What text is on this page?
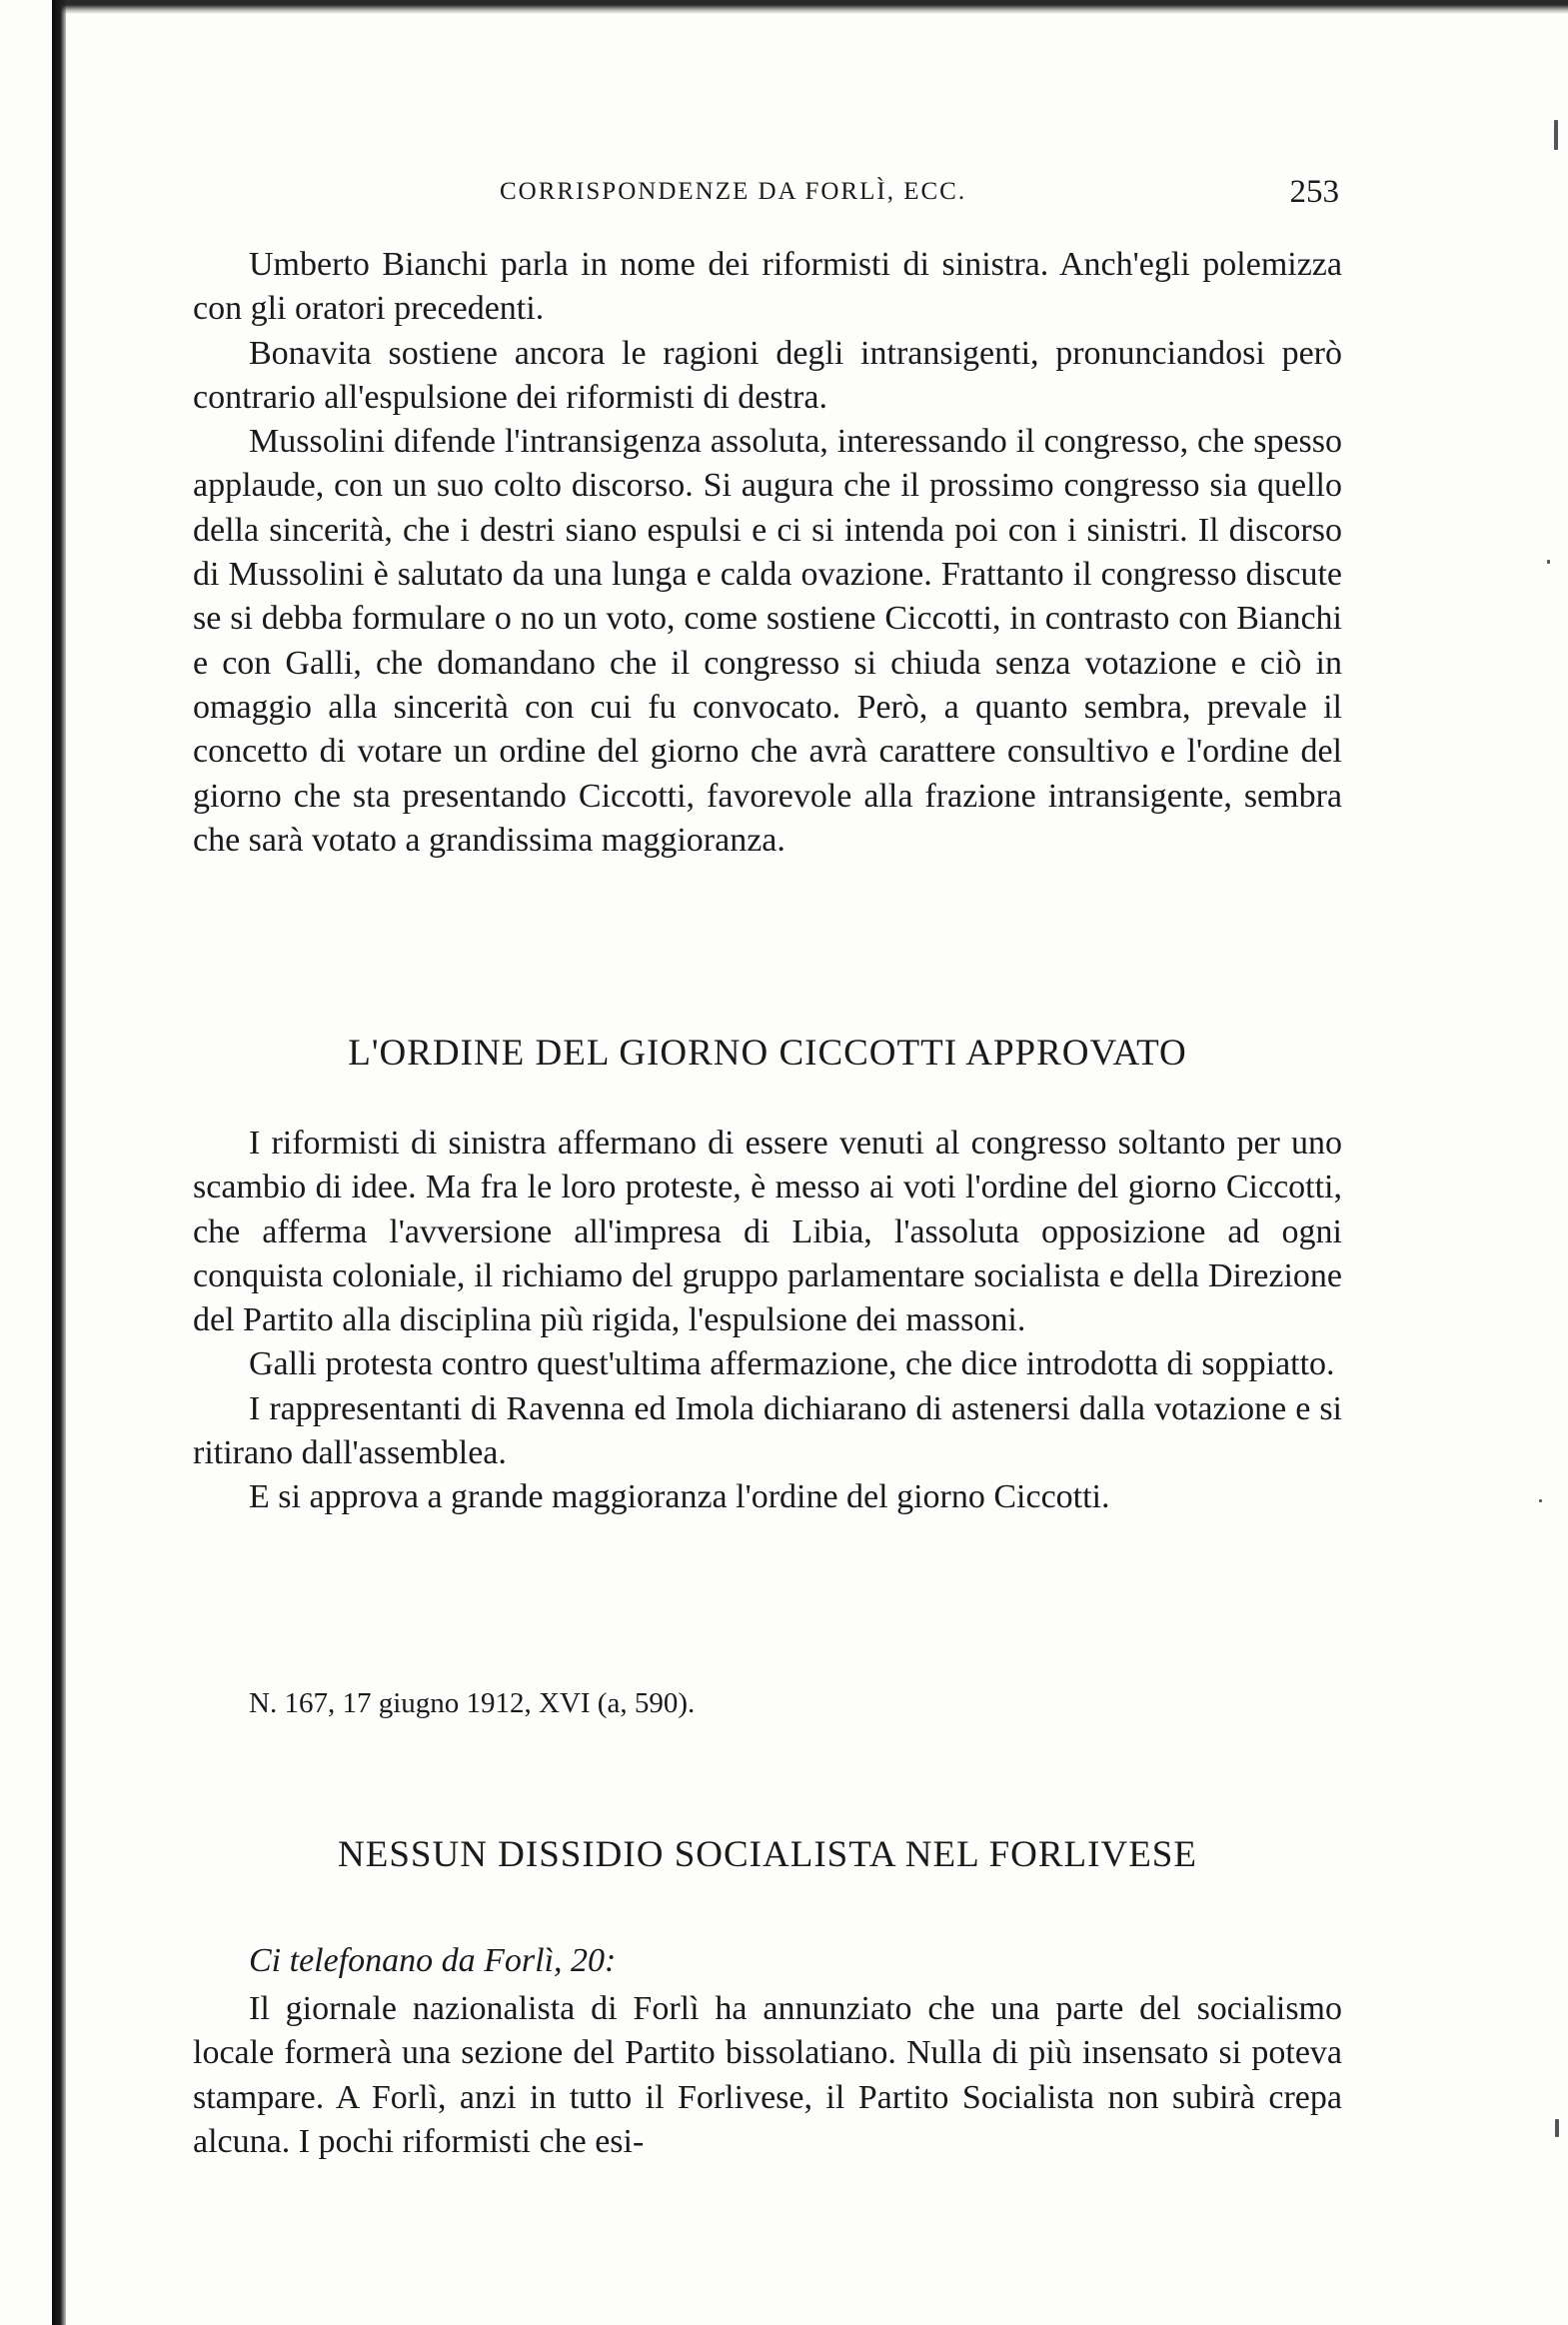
CORRISPONDENZE DA FORLÌ, ECC.	253

Umberto Bianchi parla in nome dei riformisti di sinistra. Anch'egli polemizza con gli oratori precedenti.

Bonavita sostiene ancora le ragioni degli intransigenti, pronunciandosi però contrario all'espulsione dei riformisti di destra.

Mussolini difende l'intransigenza assoluta, interessando il congresso, che spesso applaude, con un suo colto discorso. Si augura che il prossimo congresso sia quello della sincerità, che i destri siano espulsi e ci si intenda poi con i sinistri. Il discorso di Mussolini è salutato da una lunga e calda ovazione. Frattanto il congresso discute se si debba formulare o no un voto, come sostiene Ciccotti, in contrasto con Bianchi e con Galli, che domandano che il congresso si chiuda senza votazione e ciò in omaggio alla sincerità con cui fu convocato. Però, a quanto sembra, prevale il concetto di votare un ordine del giorno che avrà carattere consultivo e l'ordine del giorno che sta presentando Ciccotti, favorevole alla frazione intransigente, sembra che sarà votato a grandissima maggioranza.

L'ORDINE DEL GIORNO CICCOTTI APPROVATO

I riformisti di sinistra affermano di essere venuti al congresso soltanto per uno scambio di idee. Ma fra le loro proteste, è messo ai voti l'ordine del giorno Ciccotti, che afferma l'avversione all'impresa di Libia, l'assoluta opposizione ad ogni conquista coloniale, il richiamo del gruppo parlamentare socialista e della Direzione del Partito alla disciplina più rigida, l'espulsione dei massoni.

Galli protesta contro quest'ultima affermazione, che dice introdotta di soppiatto.

I rappresentanti di Ravenna ed Imola dichiarano di astenersi dalla votazione e si ritirano dall'assemblea.

E si approva a grande maggioranza l'ordine del giorno Ciccotti.

N. 167, 17 giugno 1912, XVI (a, 590).
NESSUN DISSIDIO SOCIALISTA NEL FORLIVESE
Ci telefonano da Forlì, 20:

Il giornale nazionalista di Forlì ha annunziato che una parte del socialismo locale formerà una sezione del Partito bissolatiano. Nulla di più insensato si poteva stampare. A Forlì, anzi in tutto il Forlivese, il Partito Socialista non subirà crepa alcuna. I pochi riformisti che esi-
